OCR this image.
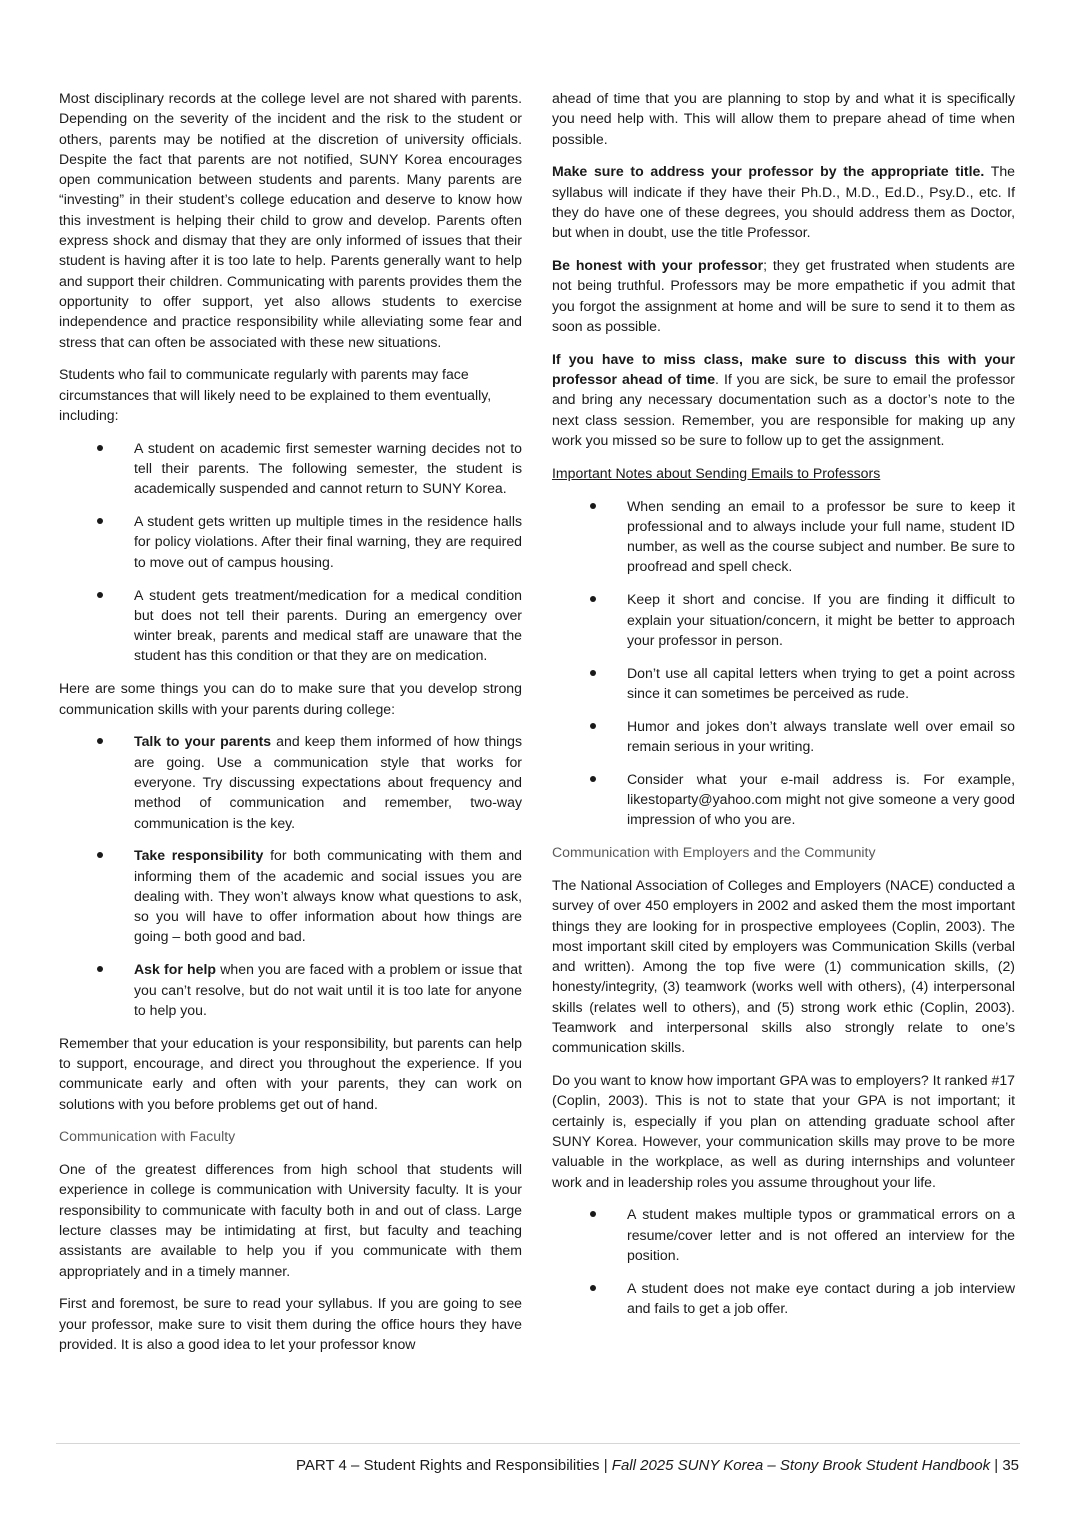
Most disciplinary records at the college level are not shared with parents. Depending on the severity of the incident and the risk to the student or others, parents may be notified at the discretion of university officials. Despite the fact that parents are not notified, SUNY Korea encourages open communication between students and parents. Many parents are “investing” in their student’s college education and deserve to know how this investment is helping their child to grow and develop. Parents often express shock and dismay that they are only informed of issues that their student is having after it is too late to help. Parents generally want to help and support their children. Communicating with parents provides them the opportunity to offer support, yet also allows students to exercise independence and practice responsibility while alleviating some fear and stress that can often be associated with these new situations.

Students who fail to communicate regularly with parents may face circumstances that will likely need to be explained to them eventually, including:

A student on academic first semester warning decides not to tell their parents. The following semester, the student is academically suspended and cannot return to SUNY Korea.
A student gets written up multiple times in the residence halls for policy violations. After their final warning, they are required to move out of campus housing.
A student gets treatment/medication for a medical condition but does not tell their parents. During an emergency over winter break, parents and medical staff are unaware that the student has this condition or that they are on medication.

Here are some things you can do to make sure that you develop strong communication skills with your parents during college:

Talk to your parents and keep them informed of how things are going. Use a communication style that works for everyone. Try discussing expectations about frequency and method of communication and remember, two-way communication is the key.
Take responsibility for both communicating with them and informing them of the academic and social issues you are dealing with. They won’t always know what questions to ask, so you will have to offer information about how things are going – both good and bad.
Ask for help when you are faced with a problem or issue that you can’t resolve, but do not wait until it is too late for anyone to help you.

Remember that your education is your responsibility, but parents can help to support, encourage, and direct you throughout the experience. If you communicate early and often with your parents, they can work on solutions with you before problems get out of hand.

Communication with Faculty

One of the greatest differences from high school that students will experience in college is communication with University faculty. It is your responsibility to communicate with faculty both in and out of class. Large lecture classes may be intimidating at first, but faculty and teaching assistants are available to help you if you communicate with them appropriately and in a timely manner.

First and foremost, be sure to read your syllabus. If you are going to see your professor, make sure to visit them during the office hours they have provided. It is also a good idea to let your professor know

ahead of time that you are planning to stop by and what it is specifically you need help with. This will allow them to prepare ahead of time when possible.

Make sure to address your professor by the appropriate title. The syllabus will indicate if they have their Ph.D., M.D., Ed.D., Psy.D., etc. If they do have one of these degrees, you should address them as Doctor, but when in doubt, use the title Professor.

Be honest with your professor; they get frustrated when students are not being truthful. Professors may be more empathetic if you admit that you forgot the assignment at home and will be sure to send it to them as soon as possible.

If you have to miss class, make sure to discuss this with your professor ahead of time. If you are sick, be sure to email the professor and bring any necessary documentation such as a doctor’s note to the next class session. Remember, you are responsible for making up any work you missed so be sure to follow up to get the assignment.

Important Notes about Sending Emails to Professors
When sending an email to a professor be sure to keep it professional and to always include your full name, student ID number, as well as the course subject and number. Be sure to proofread and spell check.
Keep it short and concise. If you are finding it difficult to explain your situation/concern, it might be better to approach your professor in person.
Don’t use all capital letters when trying to get a point across since it can sometimes be perceived as rude.
Humor and jokes don’t always translate well over email so remain serious in your writing.
Consider what your e-mail address is. For example, likestoparty@yahoo.com might not give someone a very good impression of who you are.
Communication with Employers and the Community

The National Association of Colleges and Employers (NACE) conducted a survey of over 450 employers in 2002 and asked them the most important things they are looking for in prospective employees (Coplin, 2003). The most important skill cited by employers was Communication Skills (verbal and written). Among the top five were (1) communication skills, (2) honesty/integrity, (3) teamwork (works well with others), (4) interpersonal skills (relates well to others), and (5) strong work ethic (Coplin, 2003). Teamwork and interpersonal skills also strongly relate to one’s communication skills.

Do you want to know how important GPA was to employers? It ranked #17 (Coplin, 2003). This is not to state that your GPA is not important; it certainly is, especially if you plan on attending graduate school after SUNY Korea. However, your communication skills may prove to be more valuable in the workplace, as well as during internships and volunteer work and in leadership roles you assume throughout your life.

A student makes multiple typos or grammatical errors on a resume/cover letter and is not offered an interview for the position.
A student does not make eye contact during a job interview and fails to get a job offer.
PART 4 – Student Rights and Responsibilities | Fall 2025 SUNY Korea – Stony Brook Student Handbook | 35
